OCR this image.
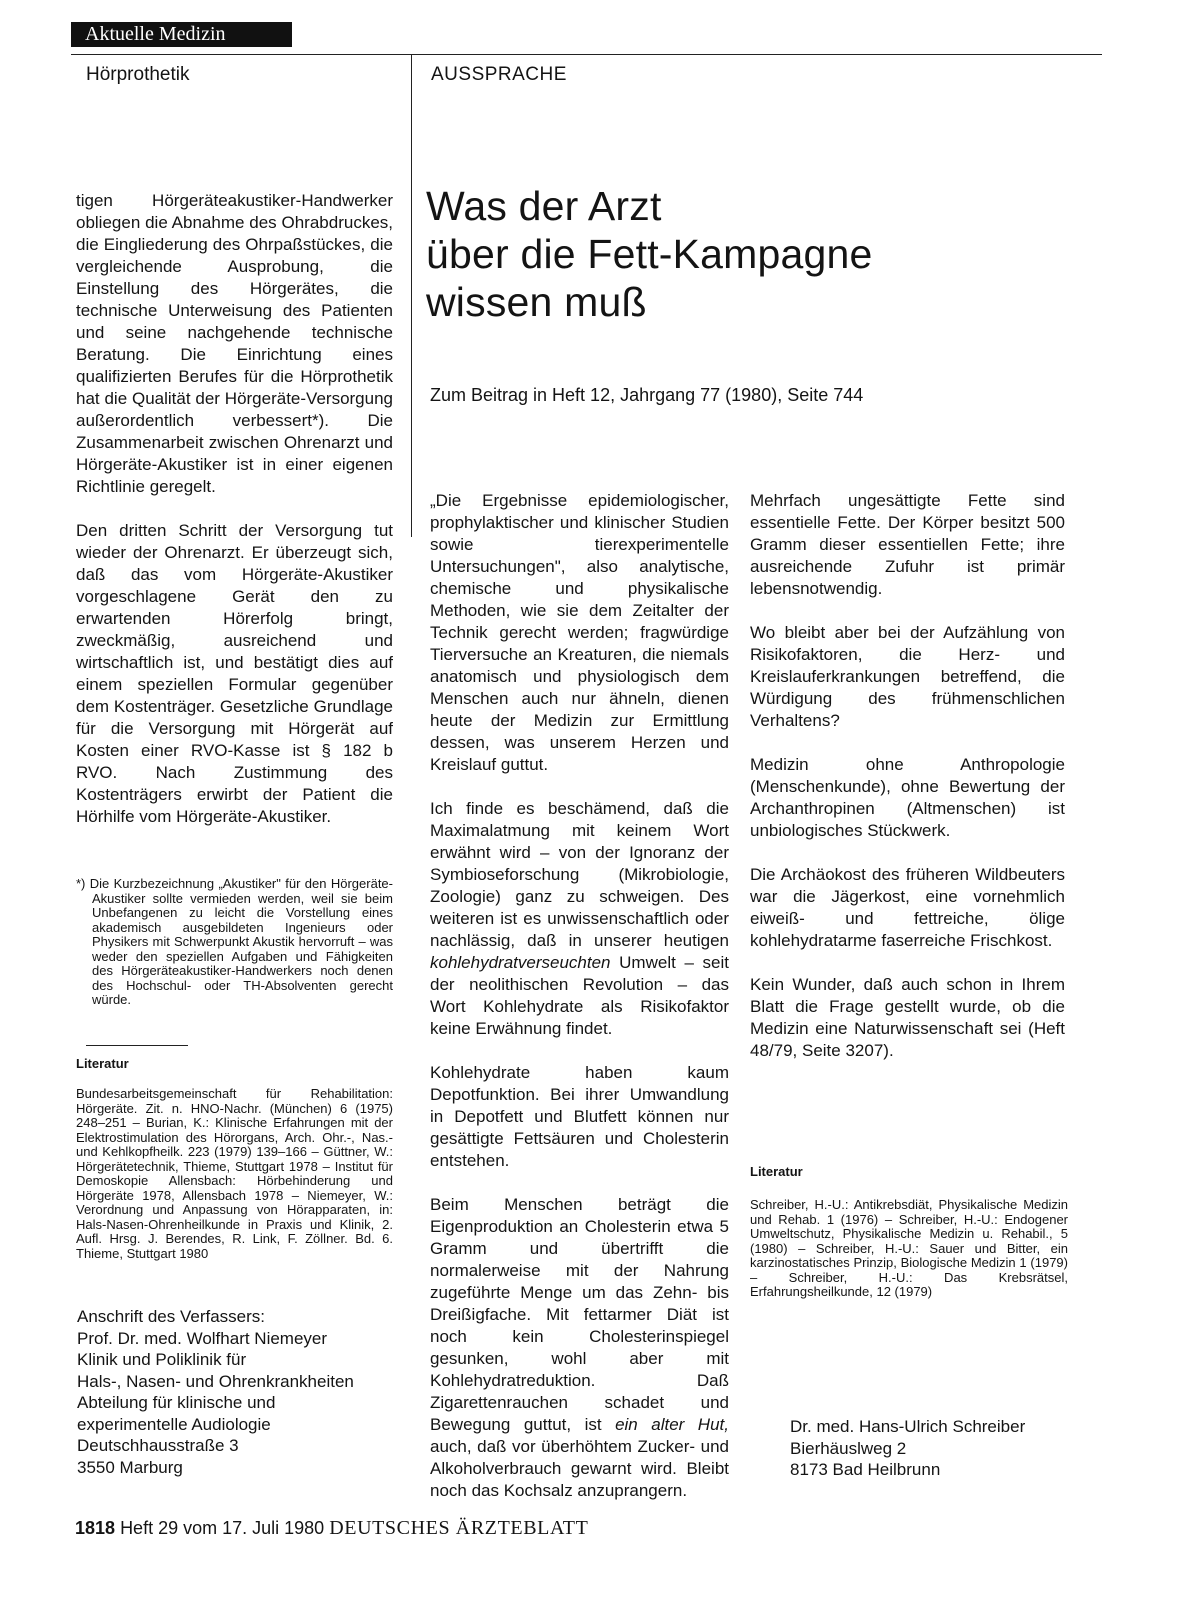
Aktuelle Medizin
Hörprothetik	AUSSPRACHE
Was der Arzt
über die Fett-Kampagne
wissen muß
Zum Beitrag in Heft 12, Jahrgang 77 (1980), Seite 744

tigen Hörgeräteakustiker-Handwerker obliegen die Abnahme des Ohrabdruckes, die Eingliederung des Ohrpaßstückes, die vergleichende Ausprobung, die Einstellung des Hörgerätes, die technische Unterweisung des Patienten und seine nachgehende technische Beratung. Die Einrichtung eines qualifizierten Berufes für die Hörprothetik hat die Qualität der Hörgeräte-Versorgung außerordentlich verbessert*). Die Zusammenarbeit zwischen Ohrenarzt und Hörgeräte-Akustiker ist in einer eigenen Richtlinie geregelt.

Den dritten Schritt der Versorgung tut wieder der Ohrenarzt. Er überzeugt sich, daß das vom Hörgeräte-Akustiker vorgeschlagene Gerät den zu erwartenden Hörerfolg bringt, zweckmäßig, ausreichend und wirtschaftlich ist, und bestätigt dies auf einem speziellen Formular gegenüber dem Kostenträger. Gesetzliche Grundlage für die Versorgung mit Hörgerät auf Kosten einer RVO-Kasse ist § 182 b RVO. Nach Zustimmung des Kostenträgers erwirbt der Patient die Hörhilfe vom Hörgeräte-Akustiker.

*) Die Kurzbezeichnung „Akustiker" für den Hörgeräte-Akustiker sollte vermieden werden, weil sie beim Unbefangenen zu leicht die Vorstellung eines akademisch ausgebildeten Ingenieurs oder Physikers mit Schwerpunkt Akustik hervorruft – was weder den speziellen Aufgaben und Fähigkeiten des Hörgeräteakustiker-Handwerkers noch denen des Hochschul- oder TH-Absolventen gerecht würde.
Literatur
Bundesarbeitsgemeinschaft für Rehabilitation: Hörgeräte. Zit. n. HNO-Nachr. (München) 6 (1975) 248–251 – Burian, K.: Klinische Erfahrungen mit der Elektrostimulation des Hörorgans, Arch. Ohr.-, Nas.- und Kehlkopfheilk. 223 (1979) 139–166 – Güttner, W.: Hörgerätetechnik, Thieme, Stuttgart 1978 – Institut für Demoskopie Allensbach: Hörbehinderung und Hörgeräte 1978, Allensbach 1978 – Niemeyer, W.: Verordnung und Anpassung von Hörapparaten, in: Hals-Nasen-Ohrenheilkunde in Praxis und Klinik, 2. Aufl. Hrsg. J. Berendes, R. Link, F. Zöllner. Bd. 6. Thieme, Stuttgart 1980
Anschrift des Verfassers:
Prof. Dr. med. Wolfhart Niemeyer
Klinik und Poliklinik für
Hals-, Nasen- und Ohrenkrankheiten
Abteilung für klinische und
experimentelle Audiologie
Deutschhausstraße 3
3550 Marburg

„Die Ergebnisse epidemiologischer, prophylaktischer und klinischer Studien sowie tierexperimentelle Untersuchungen", also analytische, chemische und physikalische Methoden, wie sie dem Zeitalter der Technik gerecht werden; fragwürdige Tierversuche an Kreaturen, die niemals anatomisch und physiologisch dem Menschen auch nur ähneln, dienen heute der Medizin zur Ermittlung dessen, was unserem Herzen und Kreislauf guttut.

Ich finde es beschämend, daß die Maximalatmung mit keinem Wort erwähnt wird – von der Ignoranz der Symbioseforschung (Mikrobiologie, Zoologie) ganz zu schweigen. Des weiteren ist es unwissenschaftlich oder nachlässig, daß in unserer heutigen kohlehydratverseuchten Umwelt – seit der neolithischen Revolution – das Wort Kohlehydrate als Risikofaktor keine Erwähnung findet.

Kohlehydrate haben kaum Depotfunktion. Bei ihrer Umwandlung in Depotfett und Blutfett können nur gesättigte Fettsäuren und Cholesterin entstehen.

Beim Menschen beträgt die Eigenproduktion an Cholesterin etwa 5 Gramm und übertrifft die normalerweise mit der Nahrung zugeführte Menge um das Zehn- bis Dreißigfache. Mit fettarmer Diät ist noch kein Cholesterinspiegel gesunken, wohl aber mit Kohlehydratreduktion. Daß Zigarettenrauchen schadet und Bewegung guttut, ist ein alter Hut, auch, daß vor überhöhtem Zucker- und Alkoholverbrauch gewarnt wird. Bleibt noch das Kochsalz anzuprangern.

Mehrfach ungesättigte Fette sind essentielle Fette. Der Körper besitzt 500 Gramm dieser essentiellen Fette; ihre ausreichende Zufuhr ist primär lebensnotwendig.

Wo bleibt aber bei der Aufzählung von Risikofaktoren, die Herz- und Kreislauferkrankungen betreffend, die Würdigung des frühmenschlichen Verhaltens?

Medizin ohne Anthropologie (Menschenkunde), ohne Bewertung der Archanthropinen (Altmenschen) ist unbiologisches Stückwerk.

Die Archäokost des früheren Wildbeuters war die Jägerkost, eine vornehmlich eiweiß- und fettreiche, ölige kohlehydratarme faserreiche Frischkost.

Kein Wunder, daß auch schon in Ihrem Blatt die Frage gestellt wurde, ob die Medizin eine Naturwissenschaft sei (Heft 48/79, Seite 3207).

Literatur
Schreiber, H.-U.: Antikrebsdiät, Physikalische Medizin und Rehab. 1 (1976) – Schreiber, H.-U.: Endogener Umweltschutz, Physikalische Medizin u. Rehabil., 5 (1980) – Schreiber, H.-U.: Sauer und Bitter, ein karzinostatisches Prinzip, Biologische Medizin 1 (1979) – Schreiber, H.-U.: Das Krebsrätsel, Erfahrungsheilkunde, 12 (1979)
Dr. med. Hans-Ulrich Schreiber
Bierhäuslweg 2
8173 Bad Heilbrunn
1818 Heft 29 vom 17. Juli 1980 DEUTSCHES ÄRZTEBLATT
